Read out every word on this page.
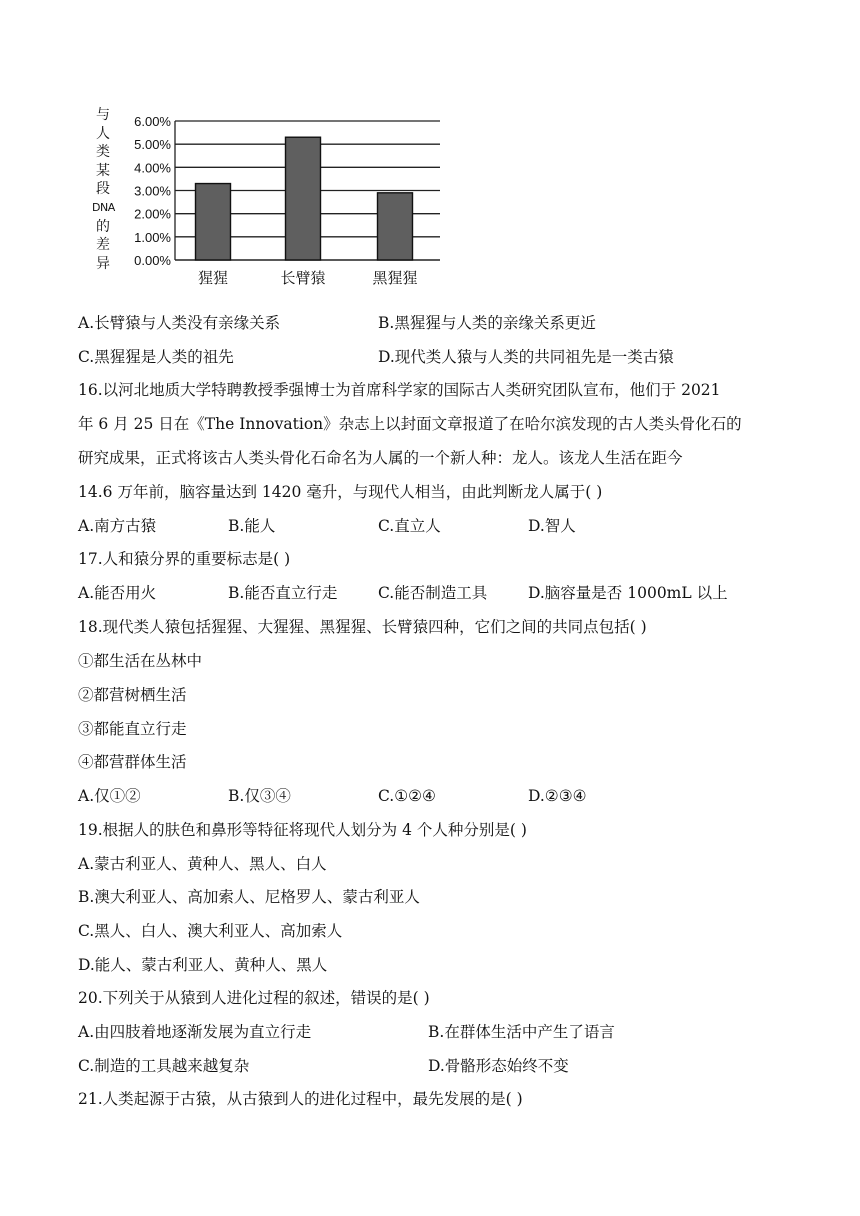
与
人
类
某
段
DNA
的
差
异	0.00%
1.00%
2.00%
3.00%
4.00%
5.00%
6.00%
猩猩	长臂猿	黑猩猩
A.长臂猿与人类没有亲缘关系	B.黑猩猩与人类的亲缘关系更近
C.黑猩猩是人类的祖先	D.现代类人猿与人类的共同祖先是一类古猿
16.以河北地质大学特聘教授季强博士为首席科学家的国际古人类研究团队宣布，他们于 2021
年 6 月 25 日在《The Innovation》杂志上以封面文章报道了在哈尔滨发现的古人类头骨化石的
研究成果，正式将该古人类头骨化石命名为人属的一个新人种：龙人。该龙人生活在距今
14.6 万年前，脑容量达到 1420 毫升，与现代人相当，由此判断龙人属于( )
A.南方古猿	B.能人	C.直立人	D.智人
17.人和猿分界的重要标志是( )
A.能否用火	B.能否直立行走	C.能否制造工具	D.脑容量是否 1000mL 以上
18.现代类人猿包括猩猩、大猩猩、黑猩猩、长臂猿四种，它们之间的共同点包括( )
①都生活在丛林中
②都营树栖生活
③都能直立行走
④都营群体生活
A.仅①②	B.仅③④	C.①②④	D.②③④
19.根据人的肤色和鼻形等特征将现代人划分为 4 个人种分别是( )
A.蒙古利亚人、黄种人、黑人、白人
B.澳大利亚人、高加索人、尼格罗人、蒙古利亚人
C.黑人、白人、澳大利亚人、高加索人
D.能人、蒙古利亚人、黄种人、黑人
20.下列关于从猿到人进化过程的叙述，错误的是( )
A.由四肢着地逐渐发展为直立行走	B.在群体生活中产生了语言
C.制造的工具越来越复杂	D.骨骼形态始终不变
21.人类起源于古猿，从古猿到人的进化过程中，最先发展的是( )
